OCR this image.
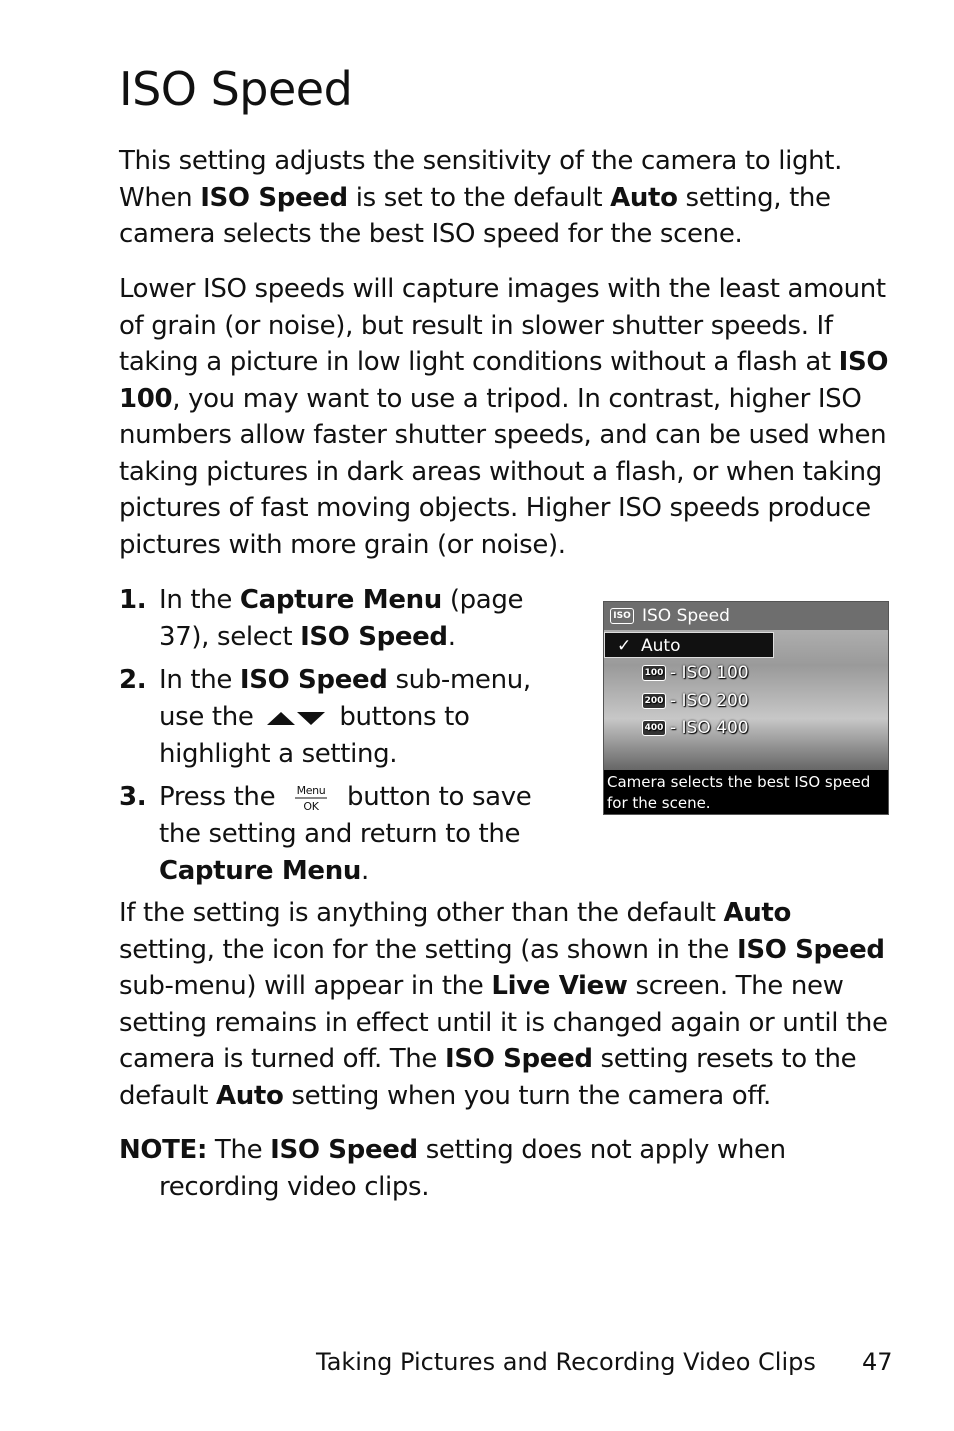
ISO Speed

This setting adjusts the sensitivity of the camera to light. When ISO Speed is set to the default Auto setting, the camera selects the best ISO speed for the scene.

Lower ISO speeds will capture images with the least amount of grain (or noise), but result in slower shutter speeds. If taking a picture in low light conditions without a flash at ISO 100, you may want to use a tripod. In contrast, higher ISO numbers allow faster shutter speeds, and can be used when taking pictures in dark areas without a flash, or when taking pictures of fast moving objects. Higher ISO speeds produce pictures with more grain (or noise).

1. In the Capture Menu (page 37), select ISO Speed.
2. In the ISO Speed sub-menu, use the	buttons to highlight a setting.
3. Press the Menu
OK button to save the setting and return to the Capture Menu.
ISO ISO Speed
✓ Auto
100 - ISO 100
200 - ISO 200
400 - ISO 400
Camera selects the best ISO speed
for the scene.

If the setting is anything other than the default Auto setting, the icon for the setting (as shown in the ISO Speed sub-menu) will appear in the Live View screen. The new setting remains in effect until it is changed again or until the camera is turned off. The ISO Speed setting resets to the default Auto setting when you turn the camera off.

NOTE: The ISO Speed setting does not apply when
recording video clips.
Taking Pictures and Recording Video Clips 47
